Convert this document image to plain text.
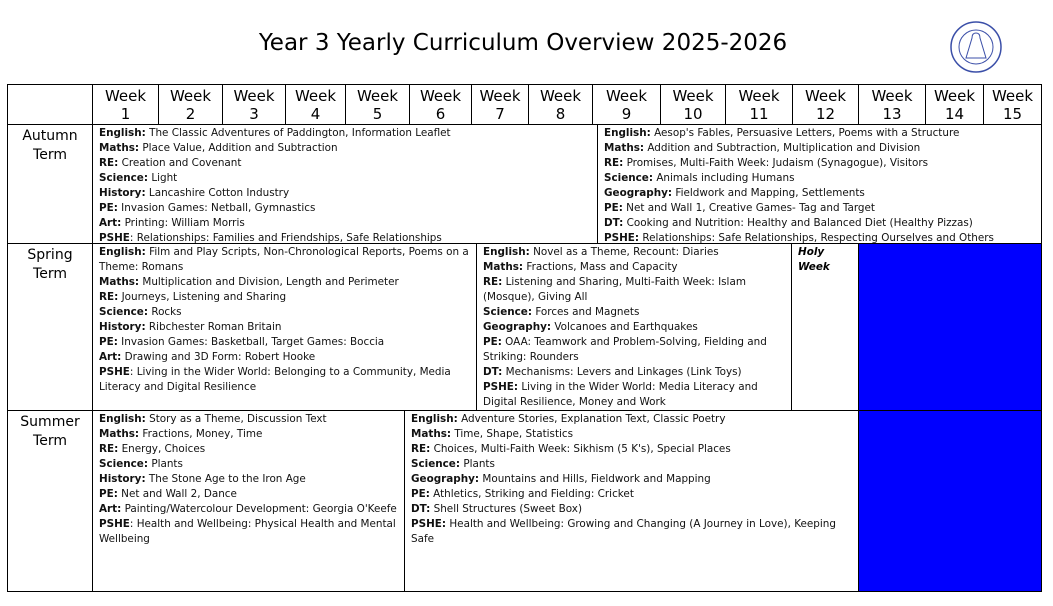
Year 3 Yearly Curriculum Overview 2025-2026
Autumn
Term
Spring
Term
Summer
Term
English: The Classic Adventures of Paddington, Information Leaflet
Maths: Place Value, Addition and Subtraction
RE: Creation and Covenant
Science: Light
History: Lancashire Cotton Industry
PE: Invasion Games: Netball, Gymnastics
Art: Printing: William Morris
PSHE: Relationships: Families and Friendships, Safe Relationships
English: Aesop's Fables, Persuasive Letters, Poems with a Structure
Maths: Addition and Subtraction, Multiplication and Division
RE: Promises, Multi-Faith Week: Judaism (Synagogue), Visitors
Science: Animals including Humans
Geography: Fieldwork and Mapping, Settlements
PE: Net and Wall 1, Creative Games- Tag and Target
DT: Cooking and Nutrition: Healthy and Balanced Diet (Healthy Pizzas)
PSHE: Relationships: Safe Relationships, Respecting Ourselves and Others
English: Film and Play Scripts, Non-Chronological Reports, Poems on a Theme: Romans
Maths: Multiplication and Division, Length and Perimeter
RE: Journeys, Listening and Sharing
Science: Rocks
History: Ribchester Roman Britain
PE: Invasion Games: Basketball, Target Games: Boccia
Art: Drawing and 3D Form: Robert Hooke
PSHE: Living in the Wider World: Belonging to a Community, Media Literacy and Digital Resilience
English: Novel as a Theme, Recount: Diaries
Maths: Fractions, Mass and Capacity
RE: Listening and Sharing, Multi-Faith Week: Islam (Mosque), Giving All
Science: Forces and Magnets
Geography: Volcanoes and Earthquakes
PE: OAA: Teamwork and Problem-Solving, Fielding and Striking: Rounders
DT: Mechanisms: Levers and Linkages (Link Toys)
PSHE: Living in the Wider World: Media Literacy and Digital Resilience, Money and Work
Holy
Week
English: Story as a Theme, Discussion Text
Maths: Fractions, Money, Time
RE: Energy, Choices
Science: Plants
History: The Stone Age to the Iron Age
PE: Net and Wall 2, Dance
Art: Painting/Watercolour Development: Georgia O'Keefe
PSHE: Health and Wellbeing: Physical Health and Mental Wellbeing
English: Adventure Stories, Explanation Text, Classic Poetry
Maths: Time, Shape, Statistics
RE: Choices, Multi-Faith Week: Sikhism (5 K's), Special Places
Science: Plants
Geography: Mountains and Hills, Fieldwork and Mapping
PE: Athletics, Striking and Fielding: Cricket
DT: Shell Structures (Sweet Box)
PSHE: Health and Wellbeing: Growing and Changing (A Journey in Love), Keeping Safe
Week
1
Week
2
Week
3
Week
4
Week
5
Week
6
Week
7
Week
8
Week
9
Week
10
Week
11
Week
12
Week
13
Week
14
Week
15
